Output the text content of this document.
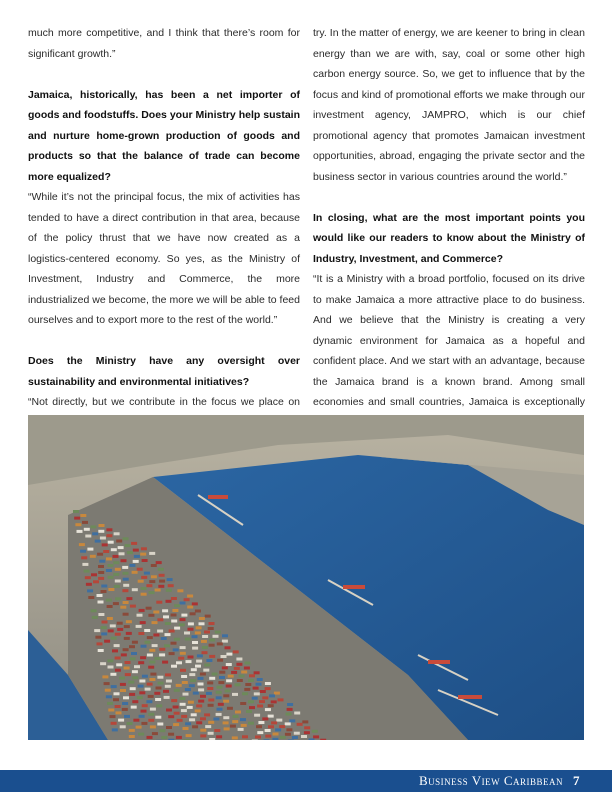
much more competitive, and I think that there’s room for significant growth.”

Jamaica, historically, has been a net importer of goods and foodstuffs. Does your Ministry help sustain and nurture home-grown production of goods and products so that the balance of trade can become more equalized?

“While it’s not the principal focus, the mix of activities has tended to have a direct contribution in that area, because of the policy thrust that we have now created as a logistics-centered economy. So yes, as the Ministry of Investment, Industry and Commerce, the more industrialized we become, the more we will be able to feed ourselves and to export more to the rest of the world.”

Does the Ministry have any oversight over sustainability and environmental initiatives?

“Not directly, but we contribute in the focus we place on

try. In the matter of energy, we are keener to bring in clean energy than we are with, say, coal or some other high carbon energy source. So, we get to influence that by the focus and kind of promotional efforts we make through our investment agency, JAMPRO, which is our chief promotional agency that promotes Jamaican investment opportunities, abroad, engaging the private sector and the business sector in various countries around the world.”

In closing, what are the most important points you would like our readers to know about the Ministry of Industry, Investment, and Commerce?

“It is a Ministry with a broad portfolio, focused on its drive to make Jamaica a more attractive place to do business. And we believe that the Ministry is creating a very dynamic environment for Jamaica as a hopeful and confident place. And we start with an advantage, because the Jamaica brand is a known brand. Among small economies and small countries, Jamaica is exceptionally

Business View Caribbean 7
